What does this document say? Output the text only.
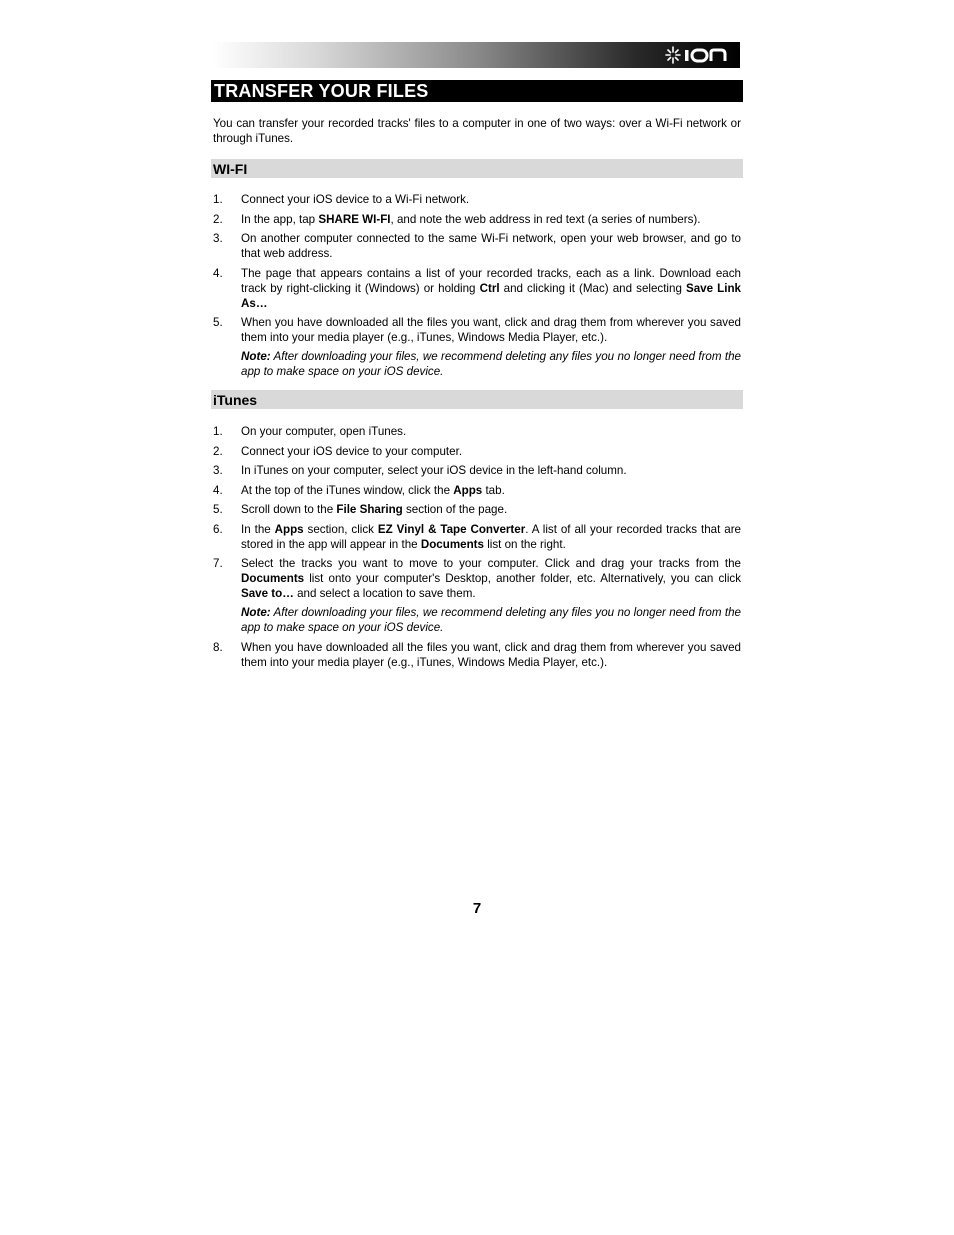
TRANSFER YOUR FILES
You can transfer your recorded tracks' files to a computer in one of two ways: over a Wi-Fi network or through iTunes.
WI-FI
1. Connect your iOS device to a Wi-Fi network.
2. In the app, tap SHARE WI-FI, and note the web address in red text (a series of numbers).
3. On another computer connected to the same Wi-Fi network, open your web browser, and go to that web address.
4. The page that appears contains a list of your recorded tracks, each as a link. Download each track by right-clicking it (Windows) or holding Ctrl and clicking it (Mac) and selecting Save Link As…
5. When you have downloaded all the files you want, click and drag them from wherever you saved them into your media player (e.g., iTunes, Windows Media Player, etc.).
Note: After downloading your files, we recommend deleting any files you no longer need from the app to make space on your iOS device.
iTunes
1. On your computer, open iTunes.
2. Connect your iOS device to your computer.
3. In iTunes on your computer, select your iOS device in the left-hand column.
4. At the top of the iTunes window, click the Apps tab.
5. Scroll down to the File Sharing section of the page.
6. In the Apps section, click EZ Vinyl & Tape Converter. A list of all your recorded tracks that are stored in the app will appear in the Documents list on the right.
7. Select the tracks you want to move to your computer. Click and drag your tracks from the Documents list onto your computer's Desktop, another folder, etc. Alternatively, you can click Save to… and select a location to save them.
Note: After downloading your files, we recommend deleting any files you no longer need from the app to make space on your iOS device.
8. When you have downloaded all the files you want, click and drag them from wherever you saved them into your media player (e.g., iTunes, Windows Media Player, etc.).
7
